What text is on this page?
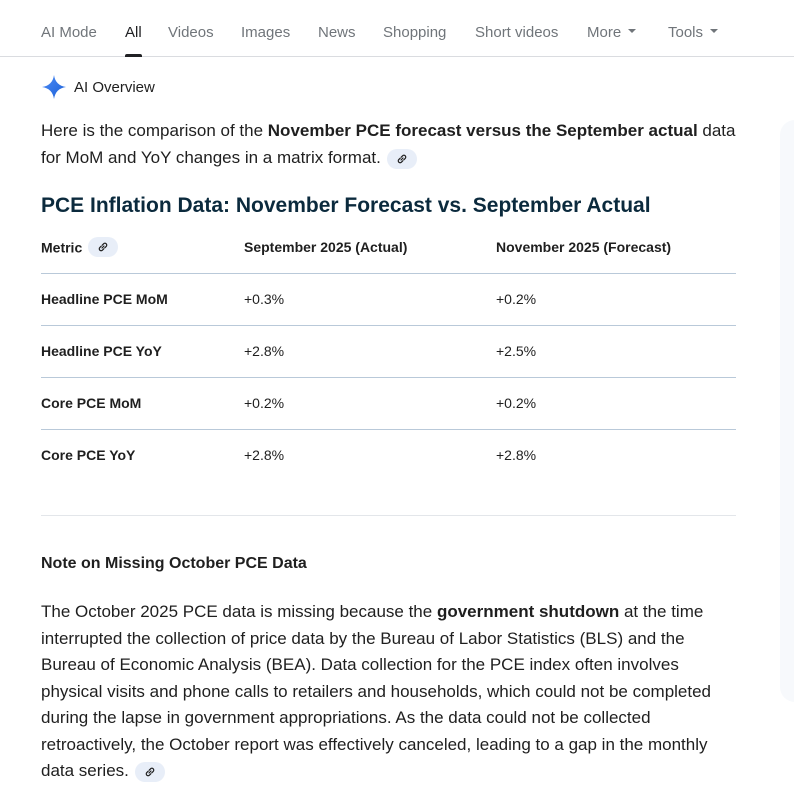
AI Mode All Videos Images News Shopping Short videos More	Tools
AI Overview
Here is the comparison of the November PCE forecast versus the September actual data for MoM and YoY changes in a matrix format.
PCE Inflation Data: November Forecast vs. September Actual
Metric	September 2025 (Actual)	November 2025 (Forecast)
Headline PCE MoM	+0.3%	+0.2%
Headline PCE YoY	+2.8%	+2.5%
Core PCE MoM	+0.2%	+0.2%
Core PCE YoY	+2.8%	+2.8%
Note on Missing October PCE Data
The October 2025 PCE data is missing because the government shutdown at the time interrupted the collection of price data by the Bureau of Labor Statistics (BLS) and the Bureau of Economic Analysis (BEA). Data collection for the PCE index often involves physical visits and phone calls to retailers and households, which could not be completed during the lapse in government appropriations. As the data could not be collected retroactively, the October report was effectively canceled, leading to a gap in the monthly data series.
